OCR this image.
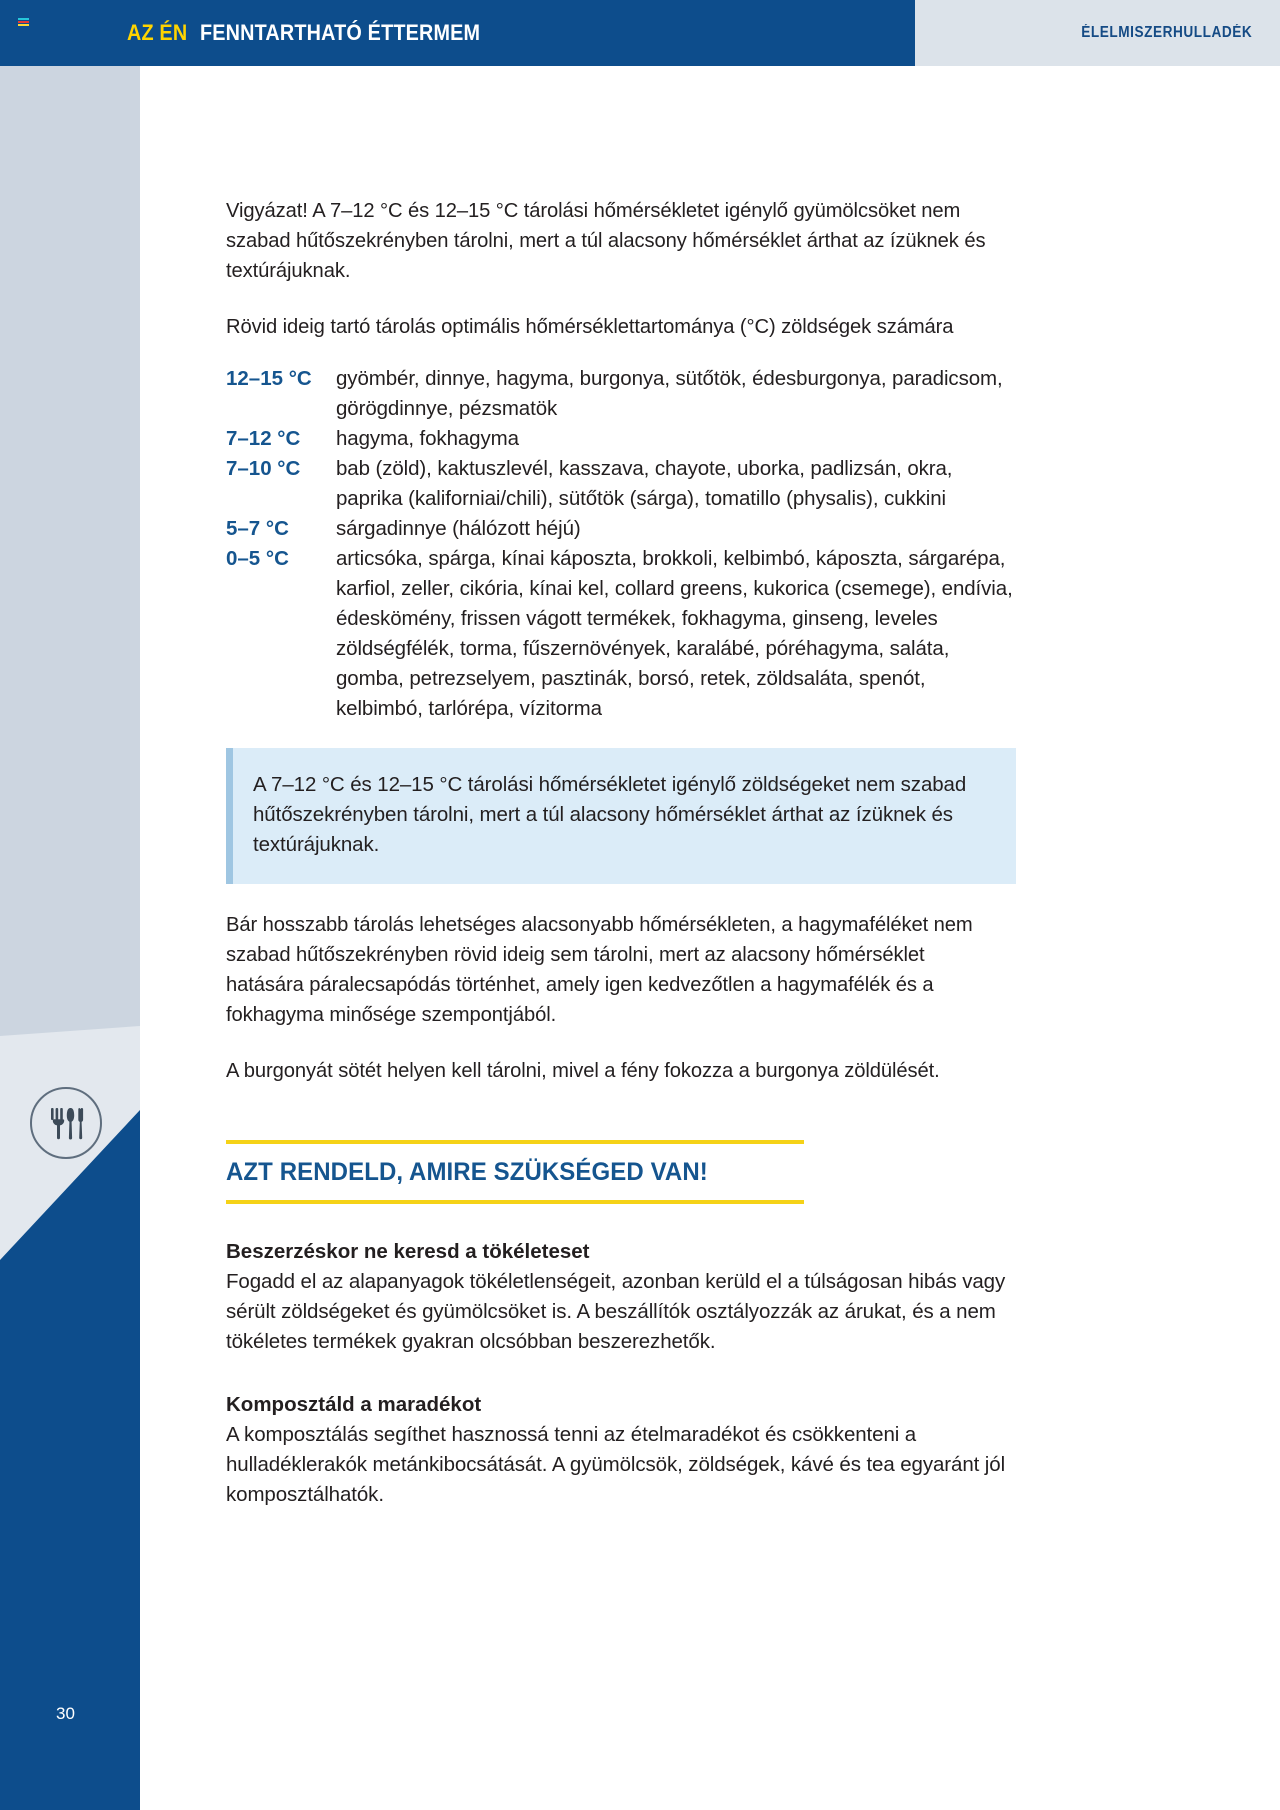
30
AZ ÉN FENNTARTHATÓ ÉTTERMEM	ÉLELMISZERHULLADÉK

Vigyázat! A 7–12 °C és 12–15 °C tárolási hőmérsékletet igénylő gyümölcsöket nem szabad hűtőszekrényben tárolni, mert a túl alacsony hőmérséklet árthat az ízüknek és textúrájuknak.

Rövid ideig tartó tárolás optimális hőmérséklettartománya (°C) zöldségek számára

12–15 °C	gyömbér, dinnye, hagyma, burgonya, sütőtök, édesburgonya, paradicsom, görögdinnye, pézsmatök
7–12 °C	hagyma, fokhagyma
7–10 °C	bab (zöld), kaktuszlevél, kasszava, chayote, uborka, padlizsán, okra, paprika (kaliforniai/chili), sütőtök (sárga), tomatillo (physalis), cukkini
5–7 °C	sárgadinnye (hálózott héjú)
0–5 °C	articsóka, spárga, kínai káposzta, brokkoli, kelbimbó, káposzta, sárgarépa, karfiol, zeller, cikória, kínai kel, collard greens, kukorica (csemege), endívia, édeskömény, frissen vágott termékek, fokhagyma, ginseng, leveles zöldségfélék, torma, fűszernövények, karalábé, póréhagyma, saláta, gomba, petrezselyem, pasztinák, borsó, retek, zöldsaláta, spenót, kelbimbó, tarlórépa, vízitorma

A 7–12 °C és 12–15 °C tárolási hőmérsékletet igénylő zöldségeket nem szabad hűtőszekrényben tárolni, mert a túl alacsony hőmérséklet árthat az ízüknek és textúrájuknak.

Bár hosszabb tárolás lehetséges alacsonyabb hőmérsékleten, a hagymaféléket nem szabad hűtőszekrényben rövid ideig sem tárolni, mert az alacsony hőmérséklet hatására páralecsapódás történhet, amely igen kedvezőtlen a hagymafélék és a fokhagyma minősége szempontjából.

A burgonyát sötét helyen kell tárolni, mivel a fény fokozza a burgonya zöldülését.

AZT RENDELD, AMIRE SZÜKSÉGED VAN!
Beszerzéskor ne keresd a tökéleteset

Fogadd el az alapanyagok tökéletlenségeit, azonban kerüld el a túlságosan hibás vagy sérült zöldségeket és gyümölcsöket is. A beszállítók osztályozzák az árukat, és a nem tökéletes termékek gyakran olcsóbban beszerezhetők.

Komposztáld a maradékot

A komposztálás segíthet hasznossá tenni az ételmaradékot és csökkenteni a hulladéklerakók metánkibocsátását. A gyümölcsök, zöldségek, kávé és tea egyaránt jól komposztálhatók.
